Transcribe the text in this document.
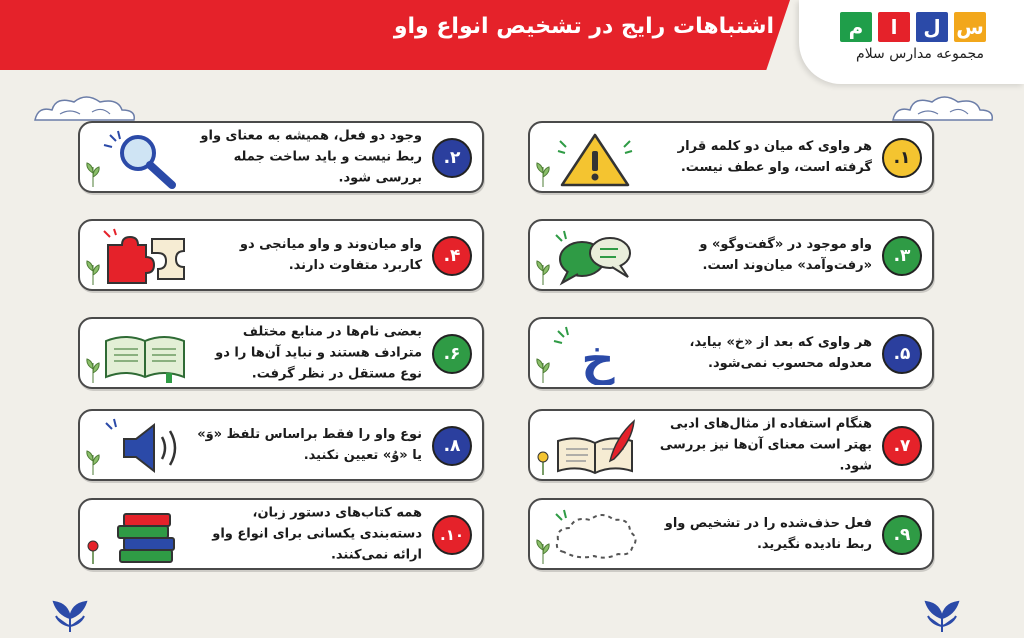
اشتباهات رایج در تشخیص انواع واو	م	ا	ل س
مجموعه مدارس سلام
۱.
هر واوی که میان دو کلمه قرار گرفته است، واو عطف نیست.
۳.
واو موجود در «گفت‌وگو» و «رفت‌وآمد» میان‌وند است.
۵.
هر واوی که بعد از «خ» بیاید، معدوله محسوب نمی‌شود.
خ
۷.
هنگام استفاده از مثال‌های ادبی بهتر است معنای آن‌ها نیز بررسی شود.
۹.
فعل حذف‌شده را در تشخیص واو ربط نادیده نگیرید.
۲.
وجود دو فعل، همیشه به معنای واو ربط نیست و باید ساخت جمله بررسی شود.
۴.
واو میان‌وند و واو میانجی دو کاربرد متفاوت دارند.
۶.
بعضی نام‌ها در منابع مختلف مترادف هستند و نباید آن‌ها را دو نوع مستقل در نظر گرفت.
۸.
نوع واو را فقط براساس تلفظ «وَ» یا «وُ» تعیین نکنید.
۱۰.
همه کتاب‌های دستور زبان، دسته‌بندی یکسانی برای انواع واو ارائه نمی‌کنند.
